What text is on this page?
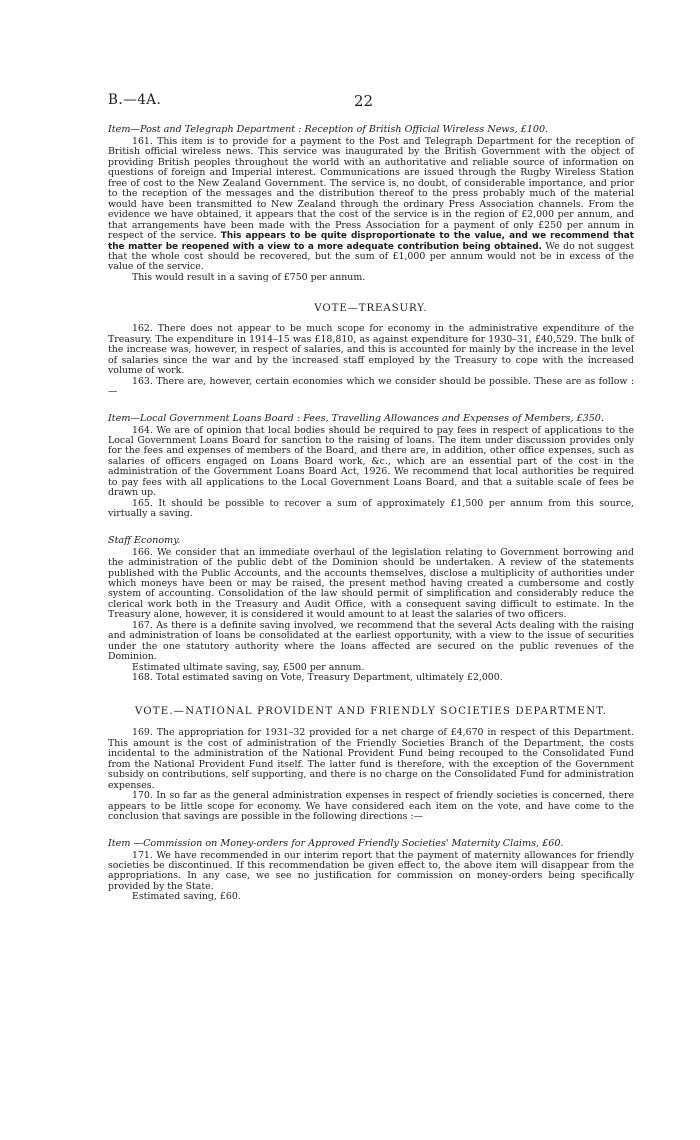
B.—4A.	22
Item—Post and Telegraph Department : Reception of British Official Wireless News, £100.

161. This item is to provide for a payment to the Post and Telegraph Department for the reception of British official wireless news. This service was inaugurated by the British Government with the object of providing British peoples throughout the world with an authoritative and reliable source of information on questions of foreign and Imperial interest. Communications are issued through the Rugby Wireless Station free of cost to the New Zealand Government. The service is, no doubt, of considerable importance, and prior to the reception of the messages and the distribution thereof to the press probably much of the material would have been transmitted to New Zealand through the ordinary Press Association channels. From the evidence we have obtained, it appears that the cost of the service is in the region of £2,000 per annum, and that arrangements have been made with the Press Association for a payment of only £250 per annum in respect of the service. This appears to be quite disproportionate to the value, and we recommend that the matter be reopened with a view to a more adequate contribution being obtained. We do not suggest that the whole cost should be recovered, but the sum of £1,000 per annum would not be in excess of the value of the service.

This would result in a saving of £750 per annum.

VOTE—TREASURY.

162. There does not appear to be much scope for economy in the administrative expenditure of the Treasury. The expenditure in 1914–15 was £18,810, as against expenditure for 1930–31, £40,529. The bulk of the increase was, however, in respect of salaries, and this is accounted for mainly by the increase in the level of salaries since the war and by the increased staff employed by the Treasury to cope with the increased volume of work.

163. There are, however, certain economies which we consider should be possible. These are as follow :—

Item—Local Government Loans Board : Fees, Travelling Allowances and Expenses of Members, £350.

164. We are of opinion that local bodies should be required to pay fees in respect of applications to the Local Government Loans Board for sanction to the raising of loans. The item under discussion provides only for the fees and expenses of members of the Board, and there are, in addition, other office expenses, such as salaries of officers engaged on Loans Board work, &c., which are an essential part of the cost in the administration of the Government Loans Board Act, 1926. We recommend that local authorities be required to pay fees with all applications to the Local Government Loans Board, and that a suitable scale of fees be drawn up.

165. It should be possible to recover a sum of approximately £1,500 per annum from this source, virtually a saving.

Staff Economy.

166. We consider that an immediate overhaul of the legislation relating to Government borrowing and the administration of the public debt of the Dominion should be undertaken. A review of the statements published with the Public Accounts, and the accounts themselves, disclose a multiplicity of authorities under which moneys have been or may be raised, the present method having created a cumbersome and costly system of accounting. Consolidation of the law should permit of simplification and considerably reduce the clerical work both in the Treasury and Audit Office, with a consequent saving difficult to estimate. In the Treasury alone, however, it is considered it would amount to at least the salaries of two officers.

167. As there is a definite saving involved, we recommend that the several Acts dealing with the raising and administration of loans be consolidated at the earliest opportunity, with a view to the issue of securities under the one statutory authority where the loans affected are secured on the public revenues of the Dominion.

Estimated ultimate saving, say, £500 per annum.

168. Total estimated saving on Vote, Treasury Department, ultimately £2,000.

VOTE.—NATIONAL PROVIDENT AND FRIENDLY SOCIETIES DEPARTMENT.

169. The appropriation for 1931–32 provided for a net charge of £4,670 in respect of this Department. This amount is the cost of administration of the Friendly Societies Branch of the Department, the costs incidental to the administration of the National Provident Fund being recouped to the Consolidated Fund from the National Provident Fund itself. The latter fund is therefore, with the exception of the Government subsidy on contributions, self supporting, and there is no charge on the Consolidated Fund for administration expenses.

170. In so far as the general administration expenses in respect of friendly societies is concerned, there appears to be little scope for economy. We have considered each item on the vote, and have come to the conclusion that savings are possible in the following directions :—

Item —Commission on Money-orders for Approved Friendly Societies' Maternity Claims, £60.

171. We have recommended in our interim report that the payment of maternity allowances for friendly societies be discontinued. If this recommendation be given effect to, the above item will disappear from the appropriations. In any case, we see no justification for commission on money-orders being specifically provided by the State.

Estimated saving, £60.
